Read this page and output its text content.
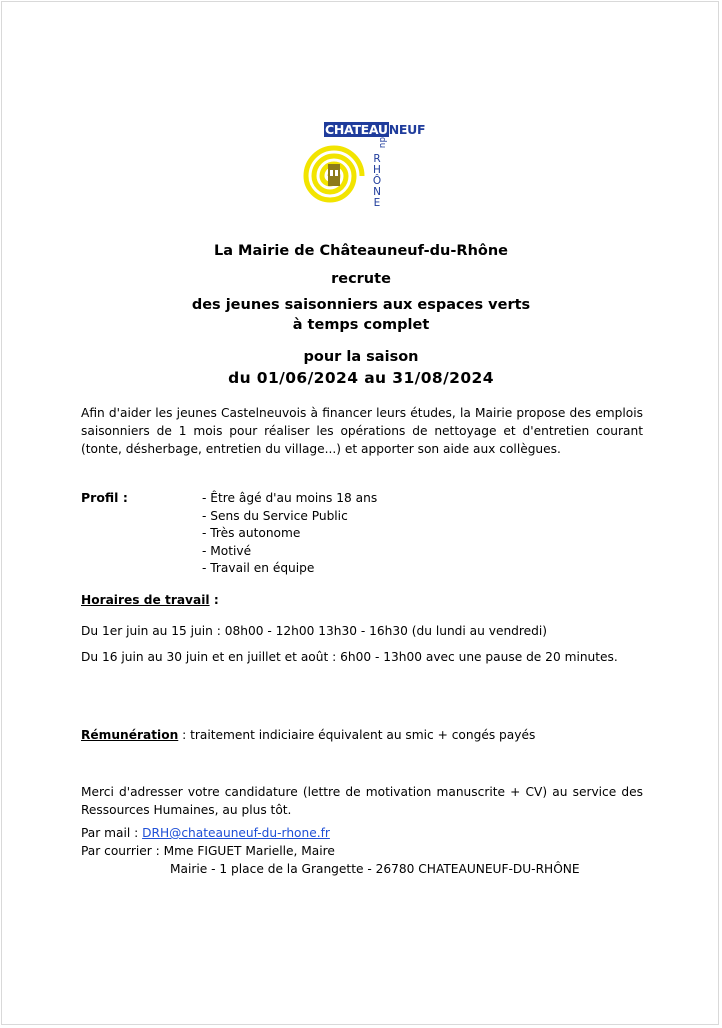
CHATEAUNEUF
du
RHÔNE
La Mairie de Châteauneuf-du-Rhône
recrute
des jeunes saisonniers aux espaces verts
à temps complet
pour la saison
du 01/06/2024 au 31/08/2024
Afin d'aider les jeunes Castelneuvois à financer leurs études, la Mairie propose des emplois saisonniers de 1 mois pour réaliser les opérations de nettoyage et d'entretien courant (tonte, désherbage, entretien du village...) et apporter son aide aux collègues.
Profil :	- Être âgé d'au moins 18 ans
- Sens du Service Public
- Très autonome
- Motivé
- Travail en équipe
Horaires de travail :
Du 1er juin au 15 juin : 08h00 - 12h00 13h30 - 16h30 (du lundi au vendredi)
Du 16 juin au 30 juin et en juillet et août : 6h00 - 13h00 avec une pause de 20 minutes.
Rémunération : traitement indiciaire équivalent au smic + congés payés
Merci d'adresser votre candidature (lettre de motivation manuscrite + CV) au service des Ressources Humaines, au plus tôt.
Par mail : DRH@chateauneuf-du-rhone.fr
Par courrier : Mme FIGUET Marielle, Maire
Mairie - 1 place de la Grangette - 26780 CHATEAUNEUF-DU-RHÔNE
